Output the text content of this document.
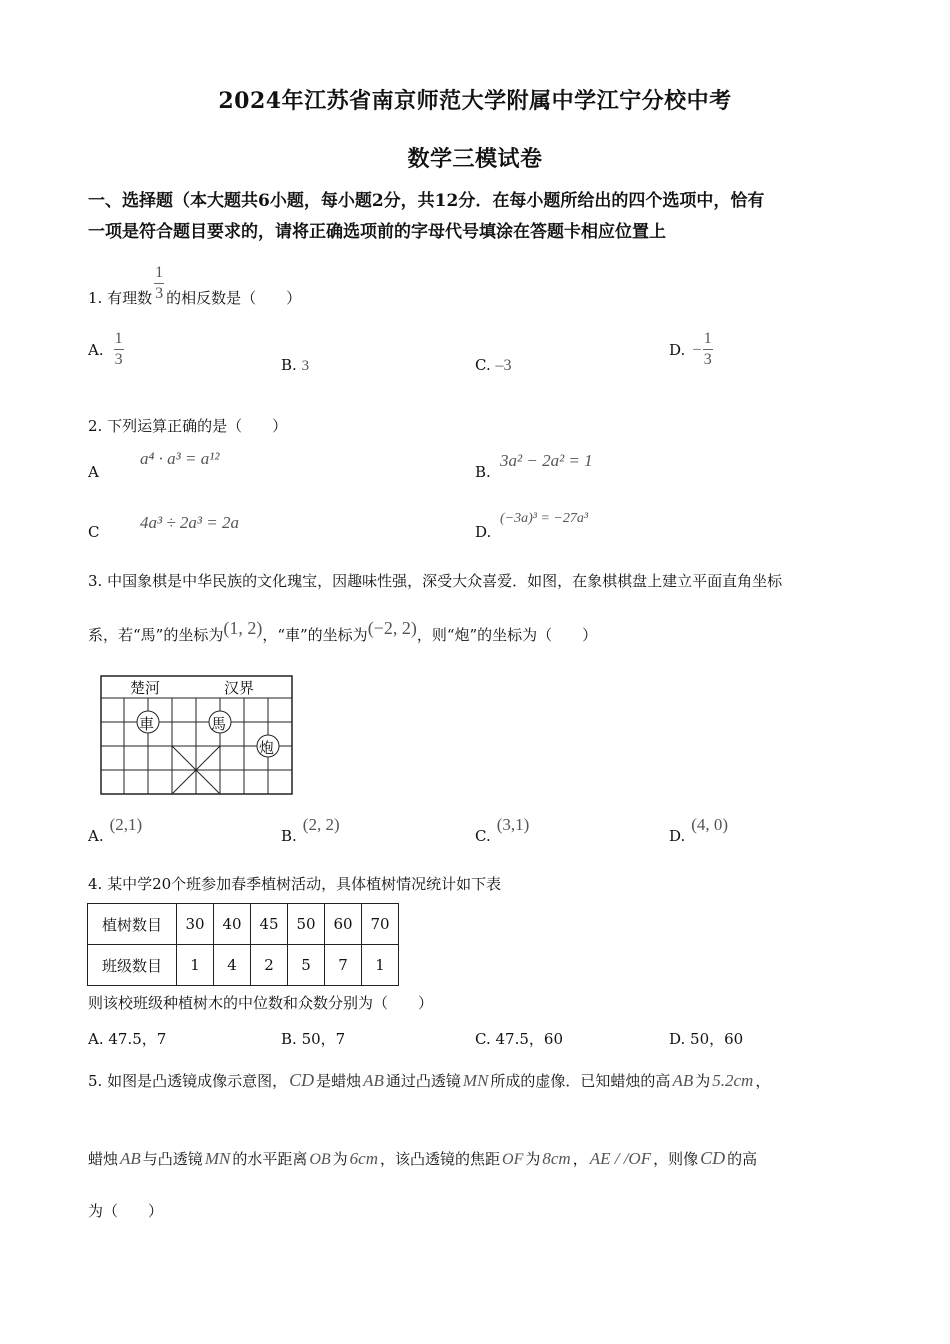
2024年江苏省南京师范大学附属中学江宁分校中考
数学三模试卷
一、选择题（本大题共6小题，每小题2分，共12分．在每小题所给出的四个选项中，恰有
一项是符合题目要求的，请将正确选项前的字母代号填涂在答题卡相应位置上
1. 有理数 $\frac{1}{3}$ 的相反数是（　　）
A. $\frac{1}{3}$	B. 3	C. –3
D. – $\frac{1}{3}$
2. 下列运算正确的是（　　）
A
a⁴ · a³ = a¹²
B.
3a² − 2a² = 1
C 4a³ ÷ 2a³ = 2a	D.
(−3a)³ = −27a³
3. 中国象棋是中华民族的文化瑰宝，因趣味性强，深受大众喜爱．如图，在象棋棋盘上建立平面直角坐标
系，若“馬”的坐标为 (1, 2) ，“車”的坐标为 (−2, 2) ，则“炮”的坐标为（　　）
楚河	汉界
車	馬
炮
A.
(2,1)
B.
(2, 2)
C.
(3,1)
D.
(4, 0)
4. 某中学20个班参加春季植树活动，具体植树情况统计如下表
植树数目	30	40	45	50	60	70
班级数目	1	4	2	5	7	1
则该校班级种植树木的中位数和众数分别为（　　）
A. 47.5，7	B. 50，7	C. 47.5，60	D. 50，60
5. 如图是凸透镜成像示意图， CD 是蜡烛 AB 通过凸透镜 MN 所成的虚像．已知蜡烛的高 AB 为 5.2cm ，
蜡烛 AB 与凸透镜 MN 的水平距离 OB 为 6cm ，该凸透镜的焦距 OF 为 8cm ， AE / /OF ，则像 CD 的高
为（　　）
